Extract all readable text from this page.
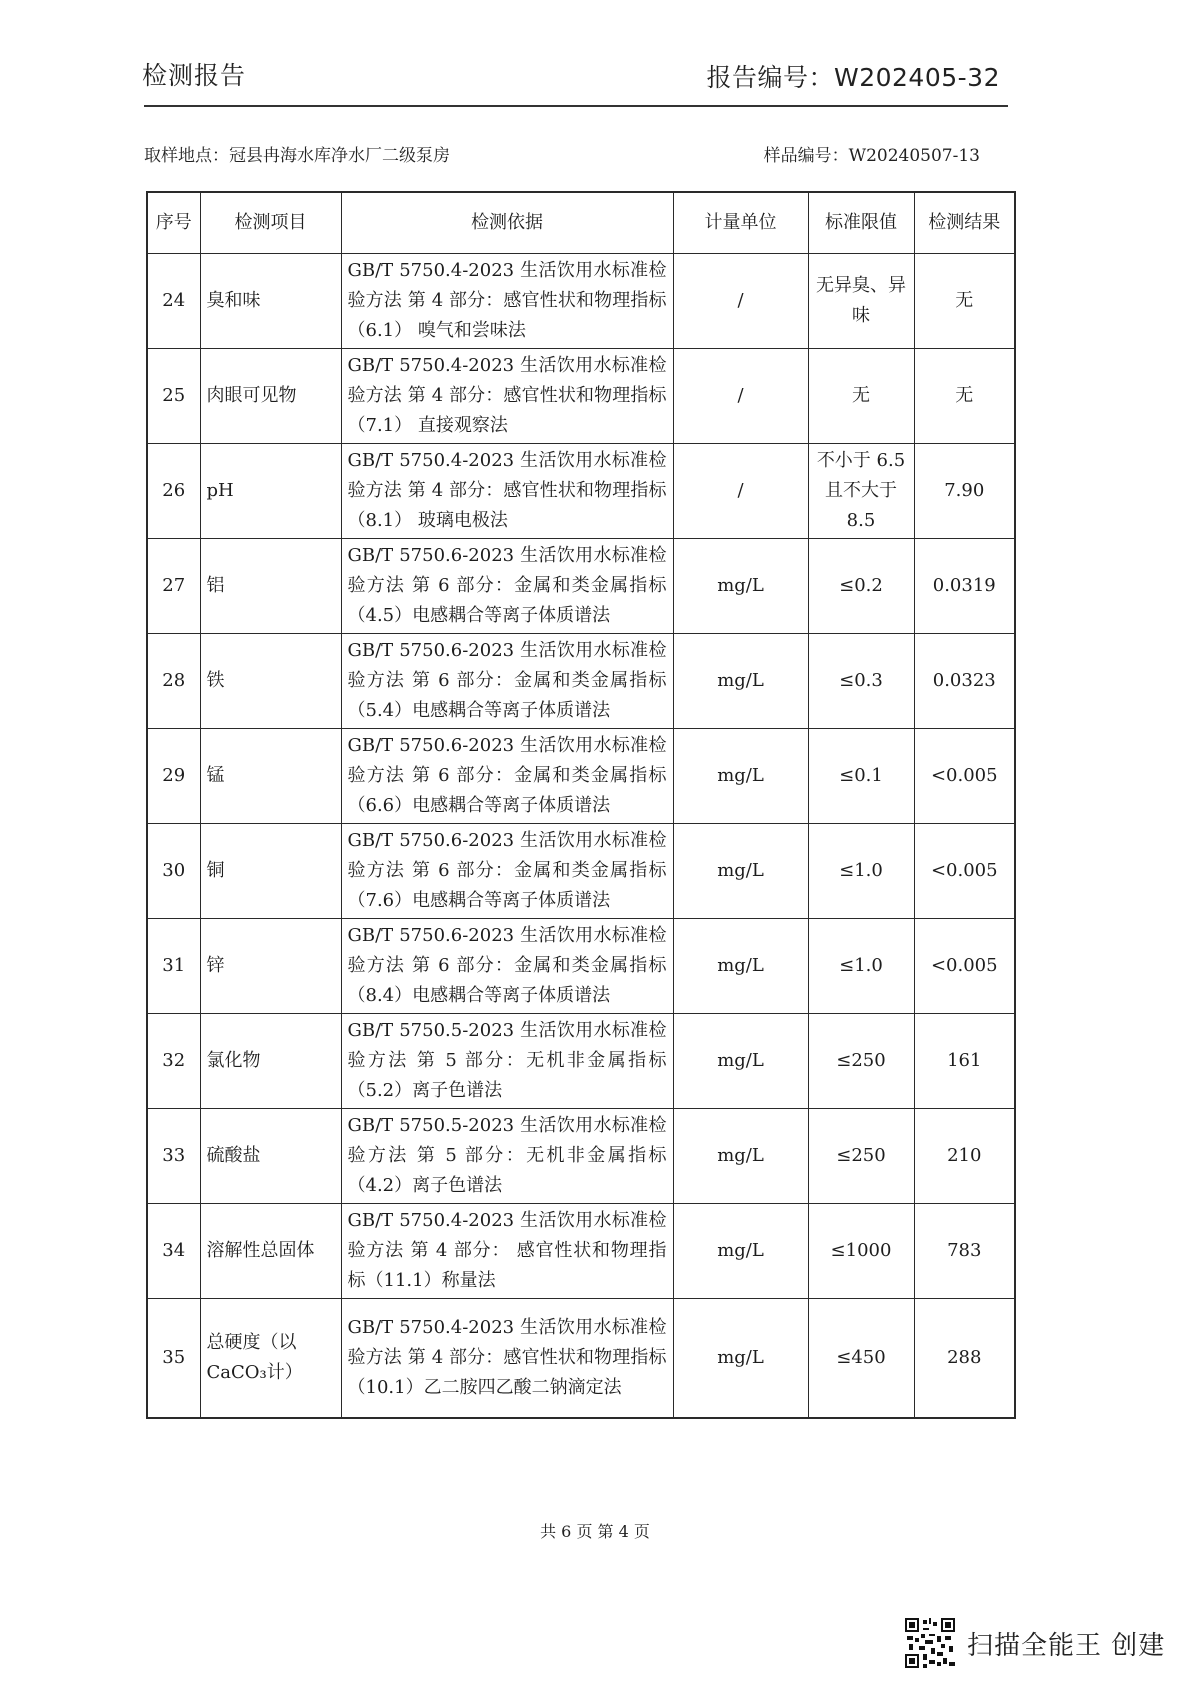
检测报告	报告编号：W202405-32
取样地点：冠县冉海水库净水厂二级泵房	样品编号：W20240507-13
序号	检测项目	检测依据	计量单位	标准限值	检测结果
24	臭和味	GB/T 5750.4-2023 生活饮用水标准检验方法 第 4 部分：感官性状和物理指标（6.1） 嗅气和尝味法	/	无异臭、异味	无
25	肉眼可见物	GB/T 5750.4-2023 生活饮用水标准检验方法 第 4 部分：感官性状和物理指标（7.1） 直接观察法	/	无	无
26	pH	GB/T 5750.4-2023 生活饮用水标准检验方法 第 4 部分：感官性状和物理指标（8.1） 玻璃电极法	/	不小于 6.5 且不大于 8.5	7.90
27	铝	GB/T 5750.6-2023 生活饮用水标准检验方法 第 6 部分：金属和类金属指标（4.5）电感耦合等离子体质谱法	mg/L	≤0.2	0.0319
28	铁	GB/T 5750.6-2023 生活饮用水标准检验方法 第 6 部分：金属和类金属指标（5.4）电感耦合等离子体质谱法	mg/L	≤0.3	0.0323
29	锰	GB/T 5750.6-2023 生活饮用水标准检验方法 第 6 部分：金属和类金属指标（6.6）电感耦合等离子体质谱法	mg/L	≤0.1	<0.005
30	铜	GB/T 5750.6-2023 生活饮用水标准检验方法 第 6 部分：金属和类金属指标（7.6）电感耦合等离子体质谱法	mg/L	≤1.0	<0.005
31	锌	GB/T 5750.6-2023 生活饮用水标准检验方法 第 6 部分：金属和类金属指标（8.4）电感耦合等离子体质谱法	mg/L	≤1.0	<0.005
32	氯化物	GB/T 5750.5-2023 生活饮用水标准检验方法 第 5 部分：无机非金属指标（5.2）离子色谱法	mg/L	≤250	161
33	硫酸盐	GB/T 5750.5-2023 生活饮用水标准检验方法 第 5 部分：无机非金属指标（4.2）离子色谱法	mg/L	≤250	210
34	溶解性总固体	GB/T 5750.4-2023 生活饮用水标准检验方法 第 4 部分： 感官性状和物理指标（11.1）称量法	mg/L	≤1000	783
35	总硬度（以 CaCO₃计）	GB/T 5750.4-2023 生活饮用水标准检验方法 第 4 部分：感官性状和物理指标 （10.1）乙二胺四乙酸二钠滴定法	mg/L	≤450	288
共 6 页 第 4 页
扫描全能王 创建
